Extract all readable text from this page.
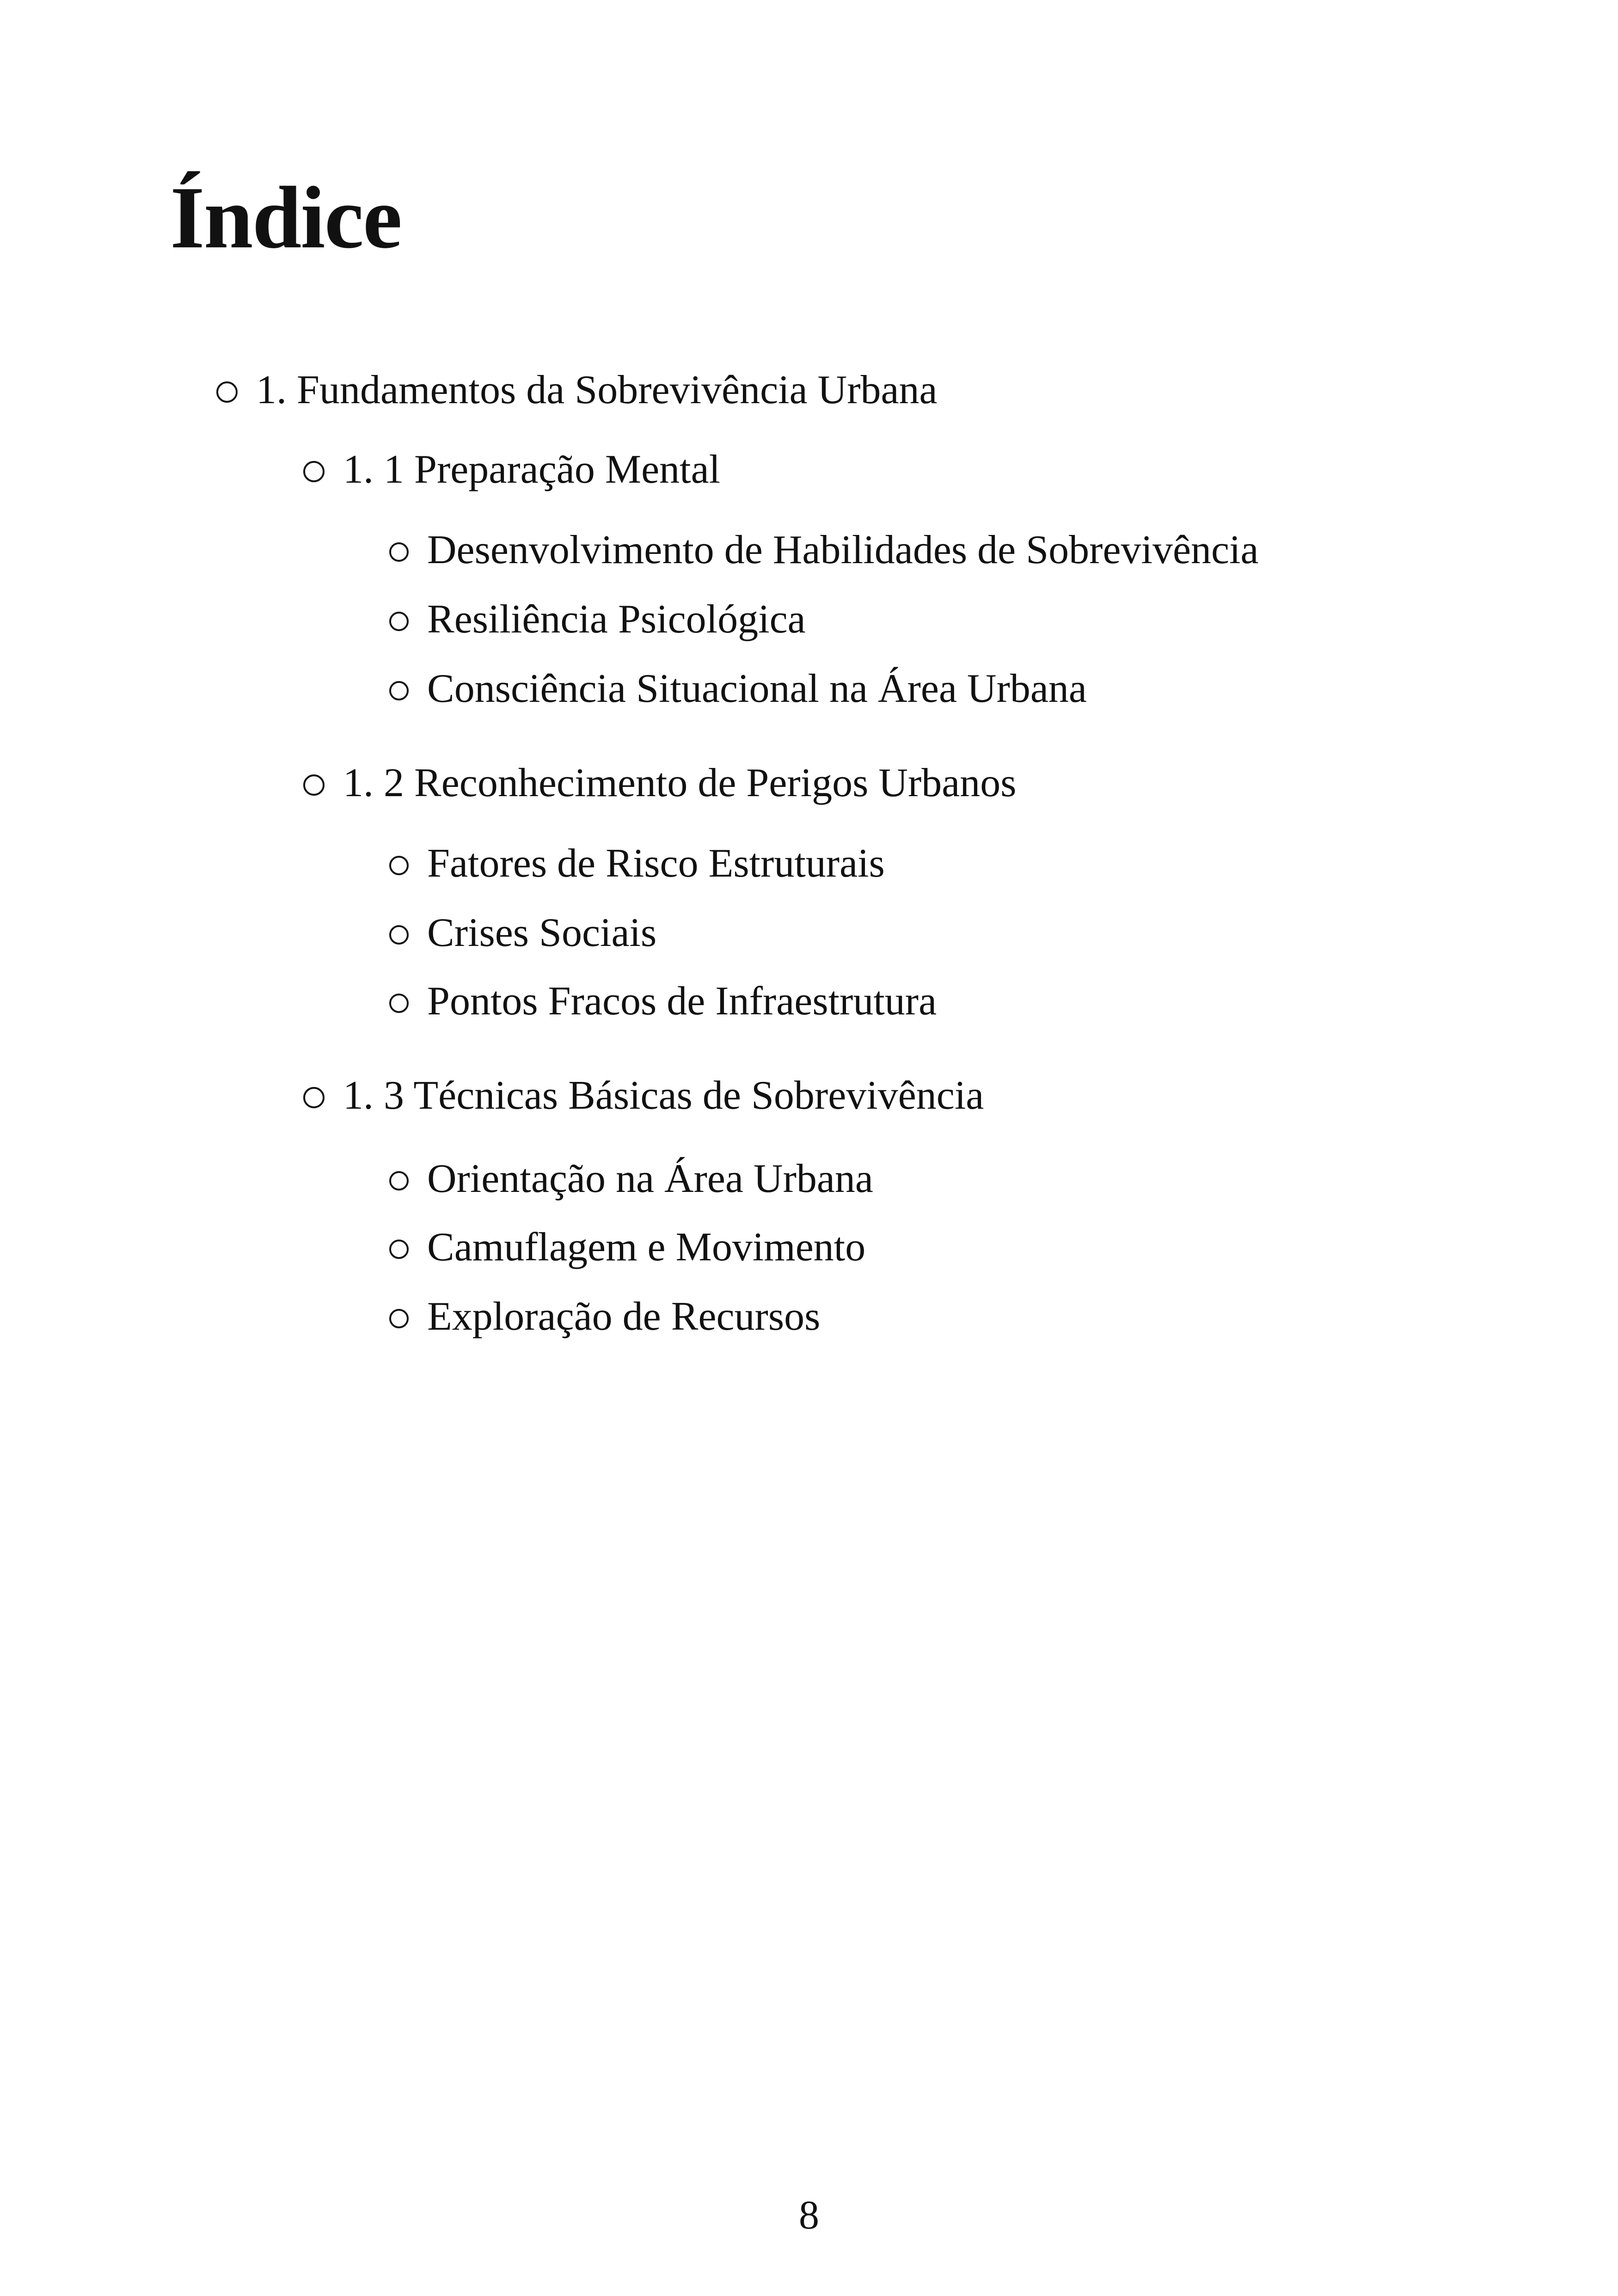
Índice
1. Fundamentos da Sobrevivência Urbana
1. 1 Preparação Mental
Desenvolvimento de Habilidades de Sobrevivência
Resiliência Psicológica
Consciência Situacional na Área Urbana
1. 2 Reconhecimento de Perigos Urbanos
Fatores de Risco Estruturais
Crises Sociais
Pontos Fracos de Infraestrutura
1. 3 Técnicas Básicas de Sobrevivência
Orientação na Área Urbana
Camuflagem e Movimento
Exploração de Recursos
8
